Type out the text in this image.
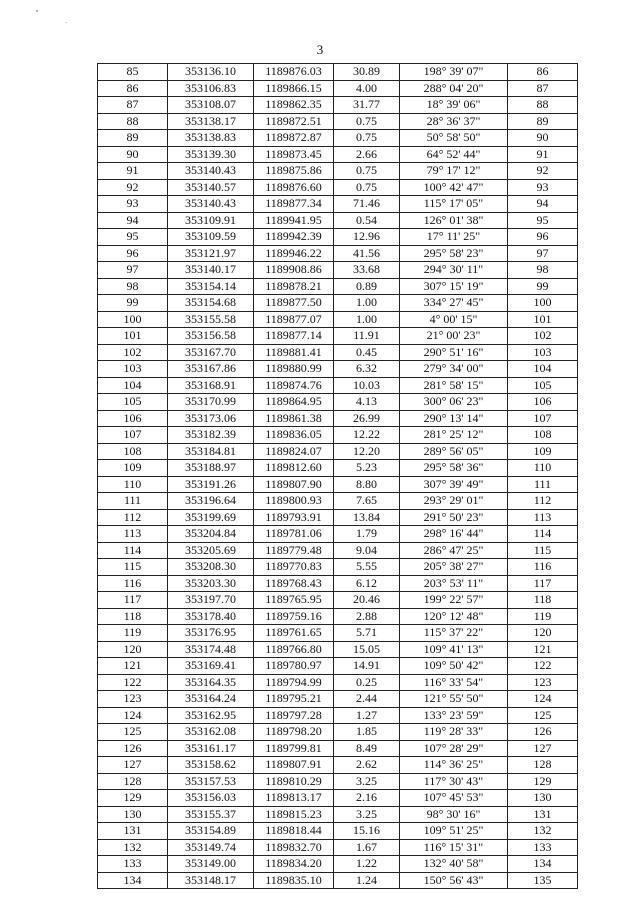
3
85	353136.10	1189876.03	30.89	198° 39' 07"	86
86	353106.83	1189866.15	4.00	288° 04' 20"	87
87	353108.07	1189862.35	31.77	18° 39' 06"	88
88	353138.17	1189872.51	0.75	28° 36' 37"	89
89	353138.83	1189872.87	0.75	50° 58' 50"	90
90	353139.30	1189873.45	2.66	64° 52' 44"	91
91	353140.43	1189875.86	0.75	79° 17' 12"	92
92	353140.57	1189876.60	0.75	100° 42' 47"	93
93	353140.43	1189877.34	71.46	115° 17' 05"	94
94	353109.91	1189941.95	0.54	126° 01' 38"	95
95	353109.59	1189942.39	12.96	17° 11' 25"	96
96	353121.97	1189946.22	41.56	295° 58' 23"	97
97	353140.17	1189908.86	33.68	294° 30' 11"	98
98	353154.14	1189878.21	0.89	307° 15' 19"	99
99	353154.68	1189877.50	1.00	334° 27' 45"	100
100	353155.58	1189877.07	1.00	4° 00' 15"	101
101	353156.58	1189877.14	11.91	21° 00' 23"	102
102	353167.70	1189881.41	0.45	290° 51' 16"	103
103	353167.86	1189880.99	6.32	279° 34' 00"	104
104	353168.91	1189874.76	10.03	281° 58' 15"	105
105	353170.99	1189864.95	4.13	300° 06' 23"	106
106	353173.06	1189861.38	26.99	290° 13' 14"	107
107	353182.39	1189836.05	12.22	281° 25' 12"	108
108	353184.81	1189824.07	12.20	289° 56' 05"	109
109	353188.97	1189812.60	5.23	295° 58' 36"	110
110	353191.26	1189807.90	8.80	307° 39' 49"	111
111	353196.64	1189800.93	7.65	293° 29' 01"	112
112	353199.69	1189793.91	13.84	291° 50' 23"	113
113	353204.84	1189781.06	1.79	298° 16' 44"	114
114	353205.69	1189779.48	9.04	286° 47' 25"	115
115	353208.30	1189770.83	5.55	205° 38' 27"	116
116	353203.30	1189768.43	6.12	203° 53' 11"	117
117	353197.70	1189765.95	20.46	199° 22' 57"	118
118	353178.40	1189759.16	2.88	120° 12' 48"	119
119	353176.95	1189761.65	5.71	115° 37' 22"	120
120	353174.48	1189766.80	15.05	109° 41' 13"	121
121	353169.41	1189780.97	14.91	109° 50' 42"	122
122	353164.35	1189794.99	0.25	116° 33' 54"	123
123	353164.24	1189795.21	2.44	121° 55' 50"	124
124	353162.95	1189797.28	1.27	133° 23' 59"	125
125	353162.08	1189798.20	1.85	119° 28' 33"	126
126	353161.17	1189799.81	8.49	107° 28' 29"	127
127	353158.62	1189807.91	2.62	114° 36' 25"	128
128	353157.53	1189810.29	3.25	117° 30' 43"	129
129	353156.03	1189813.17	2.16	107° 45' 53"	130
130	353155.37	1189815.23	3.25	98° 30' 16"	131
131	353154.89	1189818.44	15.16	109° 51' 25"	132
132	353149.74	1189832.70	1.67	116° 15' 31"	133
133	353149.00	1189834.20	1.22	132° 40' 58"	134
134	353148.17	1189835.10	1.24	150° 56' 43"	135
